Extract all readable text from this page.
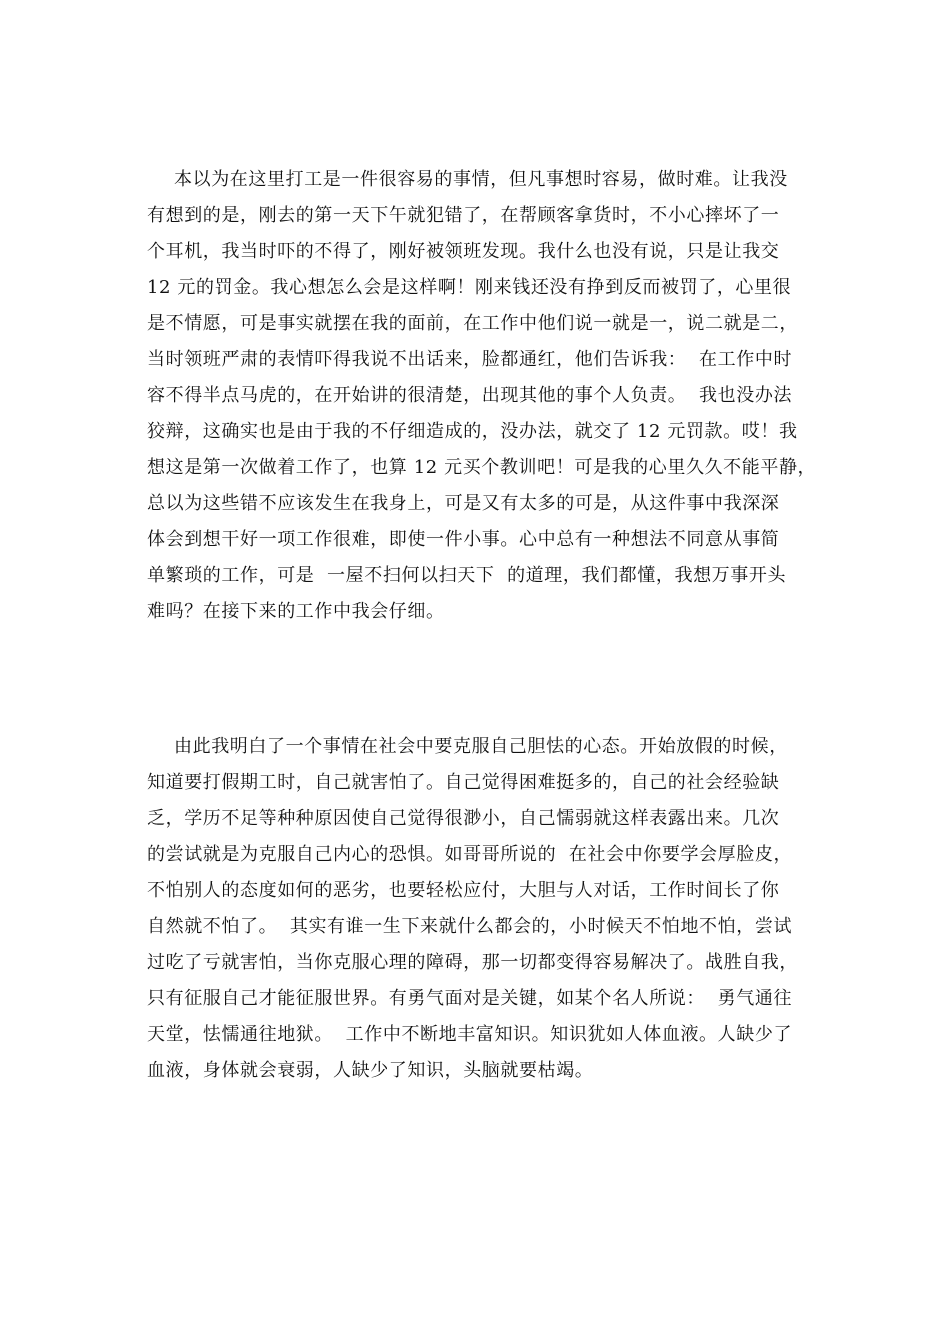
本以为在这里打工是一件很容易的事情，但凡事想时容易，做时难。让我没
有想到的是，刚去的第一天下午就犯错了，在帮顾客拿货时，不小心摔坏了一
个耳机，我当时吓的不得了，刚好被领班发现。我什么也没有说，只是让我交
12 元的罚金。我心想怎么会是这样啊！刚来钱还没有挣到反而被罚了，心里很
是不情愿，可是事实就摆在我的面前，在工作中他们说一就是一，说二就是二，
当时领班严肃的表情吓得我说不出话来，脸都通红，他们告诉我：  在工作中时
容不得半点马虎的，在开始讲的很清楚，出现其他的事个人负责。  我也没办法
狡辩，这确实也是由于我的不仔细造成的，没办法，就交了 12 元罚款。哎！我
想这是第一次做着工作了，也算 12 元买个教训吧！可是我的心里久久不能平静，
总以为这些错不应该发生在我身上，可是又有太多的可是，从这件事中我深深
体会到想干好一项工作很难，即使一件小事。心中总有一种想法不同意从事简
单繁琐的工作，可是  一屋不扫何以扫天下  的道理，我们都懂，我想万事开头
难吗？在接下来的工作中我会仔细。
由此我明白了一个事情在社会中要克服自己胆怯的心态。开始放假的时候，
知道要打假期工时，自己就害怕了。自己觉得困难挺多的，自己的社会经验缺
乏，学历不足等种种原因使自己觉得很渺小，自己懦弱就这样表露出来。几次
的尝试就是为克服自己内心的恐惧。如哥哥所说的  在社会中你要学会厚脸皮，
不怕别人的态度如何的恶劣，也要轻松应付，大胆与人对话，工作时间长了你
自然就不怕了。  其实有谁一生下来就什么都会的，小时候天不怕地不怕，尝试
过吃了亏就害怕，当你克服心理的障碍，那一切都变得容易解决了。战胜自我，
只有征服自己才能征服世界。有勇气面对是关键，如某个名人所说：  勇气通往
天堂，怯懦通往地狱。  工作中不断地丰富知识。知识犹如人体血液。人缺少了
血液，身体就会衰弱，人缺少了知识，头脑就要枯竭。
